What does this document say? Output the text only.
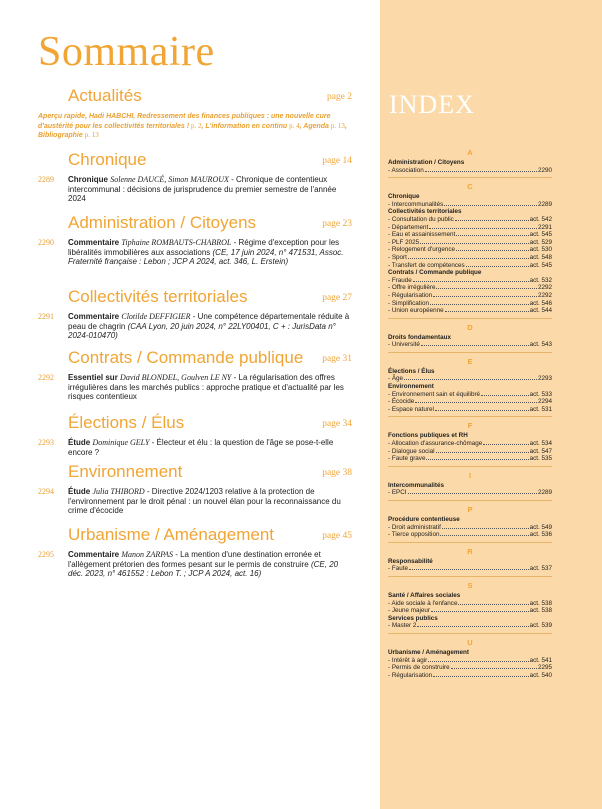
Sommaire
Actualités	page 2
Aperçu rapide, Hadi HABCHI, Redressement des finances publiques : une nouvelle cure d'austérité pour les collectivités territoriales ! p. 2, L'information en continu p. 4, Agenda p. 13, Bibliographie p. 13
Chronique	page 14
2289 Chronique Solenne DAUCÉ, Simon MAUROUX - Chronique de contentieux intercommunal : décisions de jurisprudence du premier semestre de l'année 2024
Administration / Citoyens	page 23
2290 Commentaire Tiphaine ROMBAUTS-CHABROL - Régime d'exception pour les libéralités immobilières aux associations (CE, 17 juin 2024, n° 471531, Assoc. Fraternité française : Lebon ; JCP A 2024, act. 346, L. Erstein)
Collectivités territoriales	page 27
2291 Commentaire Clotilde DEFFIGIER - Une compétence départementale réduite à peau de chagrin (CAA Lyon, 20 juin 2024, n° 22LY00401, C + : JurisData n° 2024-010470)
Contrats / Commande publique page 31
2292 Essentiel sur David BLONDEL, Goulven LE NY - La régularisation des offres irrégulières dans les marchés publics : approche pratique et d'actualité par les risques contentieux
Élections / Élus	page 34
2293 Étude Dominique GELY - Électeur et élu : la question de l'âge se pose-t-elle encore ?
Environnement	page 38
2294 Étude Julia THIBORD - Directive 2024/1203 relative à la protection de l'environnement par le droit pénal : un nouvel élan pour la reconnaissance du crime d'écocide
Urbanisme / Aménagement	page 45
2295 Commentaire Manon ZARPAS - La mention d'une destination erronée et l'allègement prétorien des formes pesant sur le permis de construire (CE, 20 déc. 2023, n° 461552 : Lebon T. ; JCP A 2024, act. 16)
INDEX
A
Administration / Citoyens
- Association	2290
C
Chronique
- Intercommunalités	2289
Collectivités territoriales
- Consultation du public	act. 542
- Département	2291
- Eau et assainissement	act. 545
- PLF 2025	act. 529
- Relogement d'urgence	act. 530
- Sport	act. 548
- Transfert de compétences	act. 545
Contrats / Commande publique
- Fraude	act. 532
- Offre irrégulière	2292
- Régularisation	2292
- Simplification	act. 546
- Union européenne	act. 544
D
Droits fondamentaux
- Université	act. 543
E
Élections / Élus
- Âge	2293
Environnement
- Environnement sain et équilibré	act. 533
- Écocide	2294
- Espace naturel	act. 531
F
Fonctions publiques et RH
- Allocation d'assurance-chômage	act. 534
- Dialogue social	act. 547
- Faute grave	act. 535
I
Intercommunalités
- EPCI	2289
P
Procédure contentieuse
- Droit administratif	act. 549
- Tierce opposition	act. 536
R
Responsabilité
- Faute	act. 537
S
Santé / Affaires sociales
- Aide sociale à l'enfance	act. 538
- Jeune majeur	act. 538
Services publics
- Master 2	act. 539
U
Urbanisme / Aménagement
- Intérêt à agir	act. 541
- Permis de construire	2295
- Régularisation	act. 540
